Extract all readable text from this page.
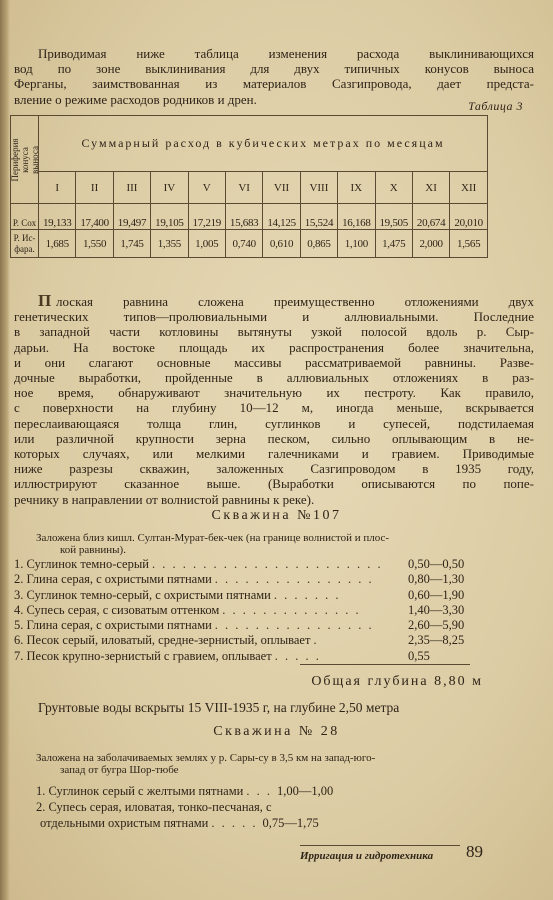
Приводимая ниже таблица изменения расхода выклинивающихся
вод по зоне выклинивания для двух типичных конусов выноса
Ферганы, заимствованная из материалов Сазгипровода, дает предста-
вление о режиме расходов родников и дрен.	Таблица 3
Периферия конуса выноса	Суммарный расход в кубических метрах по месяцам											
	I	II	III	IV	V	VI	VII	VIII	IX	X	XI	XII
Р. Сох	19,133	17,400	19,497	19,105	17,219	15,683	14,125	15,524	16,168	19,505	20,674	20,010

Р. Ис-
фара.	1,685	1,550	1,745	1,355	1,005	0,740	0,610	0,865	1,100	1,475	2,000	1,565
П лоская равнина сложена преимущественно отложениями двух
генетических типов—пролювиальными и аллювиальными. Последние
в западной части котловины вытянуты узкой полосой вдоль р. Сыр-
дарьи. На востоке площадь их распространения более значительна,
и они слагают основные массивы рассматриваемой равнины. Разве-
дочные выработки, пройденные в аллювиальных отложениях в раз-
ное время, обнаруживают значительную их пестроту. Как правило,
с поверхности на глубину 10—12 м, иногда меньше, вскрывается
переслаивающаяся толща глин, суглинков и супесей, подстилаемая
или различной крупности зерна песком, сильно оплывающим в не-
которых случаях, или мелкими галечниками и гравием. Приводимые
ниже разрезы скважин, заложенных Сазгипроводом в 1935 году,
иллюстрируют сказанное выше. (Выработки описываются по попе-
речнику в направлении от волнистой равнины к реке).
Скважина №107
Заложена близ кишл. Султан-Мурат-бек-чек (на границе волнистой и плос-
кой равнины).
1. Суглинок темно-серый . . . . . . . . . . . . . . . . . . . . . . .	0,50—0,50
2. Глина серая, с охристыми пятнами . . . . . . . . . . . . . . . .	0,80—1,30
3. Суглинок темно-серый, с охристыми пятнами . . . . . . .	0,60—1,90
4. Супесь серая, с сизоватым оттенком . . . . . . . . . . . . . .	1,40—3,30
5. Глина серая, с охристыми пятнами . . . . . . . . . . . . . . . .	2,60—5,90
6. Песок серый, иловатый, средне-зернистый, оплывает .	2,35—8,25
7. Песок крупно-зернистый с гравием, оплывает . . . . .	0,55
Общая глубина 8,80 м
Грунтовые воды вскрыты 15 VIII-1935 г, на глубине 2,50 метра
Скважина № 28
Заложена на заболачиваемых землях у р. Сары-су в 3,5 км на запад-юго-
запад от бугра Шор-тюбе
1. Суглинок серый с желтыми пятнами . . . 1,00—1,00
2. Супесь серая, иловатая, тонко-песчаная, с
отдельными охристым пятнами . . . . . 0,75—1,75
Ирригация и гидротехника	89
